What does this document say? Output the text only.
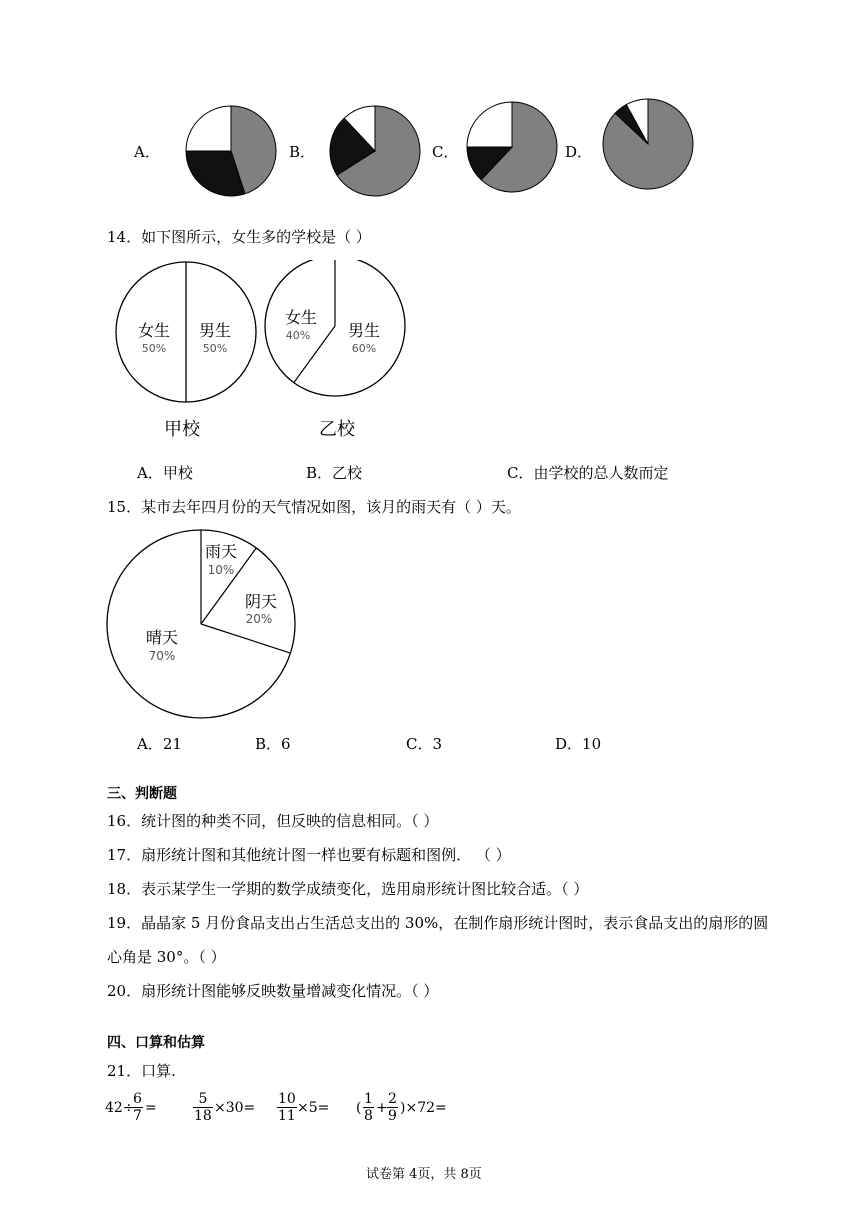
A．	B．	C．	D．
14．如下图所示，女生多的学校是（ ）
女生
50%
男生
50%
甲校
女生
40% 男生
60%
乙校
A．甲校	B．乙校	C．由学校的总人数而定
15．某市去年四月份的天气情况如图，该月的雨天有（ ）天。
雨天
10%
阴天
20%
晴天
70%
A．21	B．6	C．3	D．10
三、判断题
16．统计图的种类不同，但反映的信息相同。（ ）
17．扇形统计图和其他统计图一样也要有标题和图例． （ ）
18．表示某学生一学期的数学成绩变化，选用扇形统计图比较合适。（ ）
19．晶晶家 5 月份食品支出占生活总支出的 30%，在制作扇形统计图时，表示食品支出的扇形的圆
心角是 30°。（ ）
20．扇形统计图能够反映数量增减变化情况。（ ）
四、口算和估算
21．口算.
42÷
$\frac{6}{7}$ =	$\frac{5}{18} \times 30= \frac{10}{11} \times 5=$ ( $\frac{1}{8} + \frac{2}{9} )\times 72=$
试卷第 4页，共 8页
